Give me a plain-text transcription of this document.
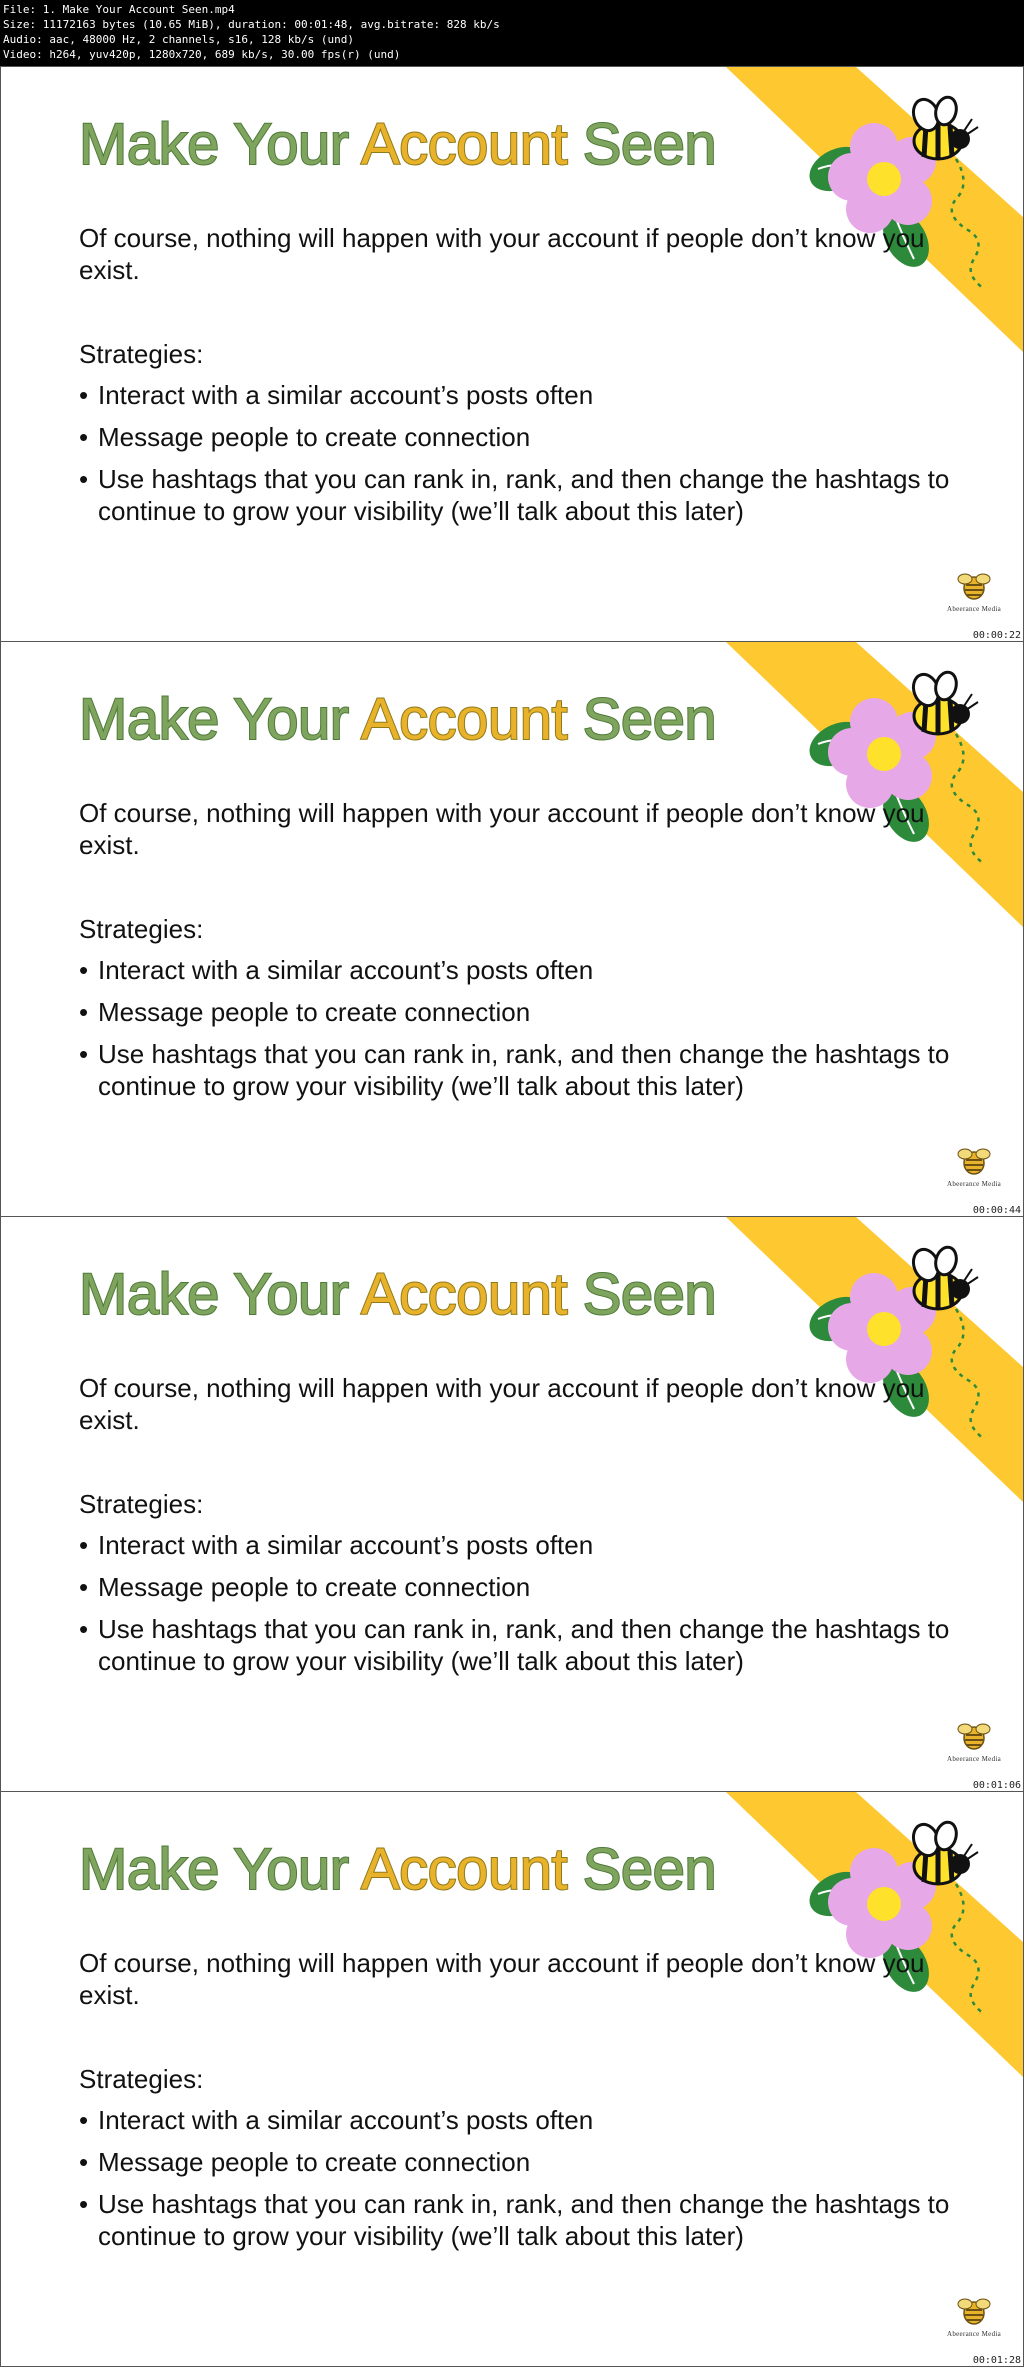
File: 1. Make Your Account Seen.mp4
Size: 11172163 bytes (10.65 MiB), duration: 00:01:48, avg.bitrate: 828 kb/s
Audio: aac, 48000 Hz, 2 channels, s16, 128 kb/s (und)
Video: h264, yuv420p, 1280x720, 689 kb/s, 30.00 fps(r) (und)
Make Your Account Seen
Of course, nothing will happen with your account if people don’t know you exist.
Strategies:
• Interact with a similar account’s posts often
• Message people to create connection
• Use hashtags that you can rank in, rank, and then change the hashtags to continue to grow your visibility (we’ll talk about this later)
Abeerance Media
00:00:22
Make Your Account Seen
Of course, nothing will happen with your account if people don’t know you exist.
Strategies:
• Interact with a similar account’s posts often
• Message people to create connection
• Use hashtags that you can rank in, rank, and then change the hashtags to continue to grow your visibility (we’ll talk about this later)
Abeerance Media
00:00:44
Make Your Account Seen
Of course, nothing will happen with your account if people don’t know you exist.
Strategies:
• Interact with a similar account’s posts often
• Message people to create connection
• Use hashtags that you can rank in, rank, and then change the hashtags to continue to grow your visibility (we’ll talk about this later)
Abeerance Media
00:01:06
Make Your Account Seen
Of course, nothing will happen with your account if people don’t know you exist.
Strategies:
• Interact with a similar account’s posts often
• Message people to create connection
• Use hashtags that you can rank in, rank, and then change the hashtags to continue to grow your visibility (we’ll talk about this later)
Abeerance Media
00:01:28
